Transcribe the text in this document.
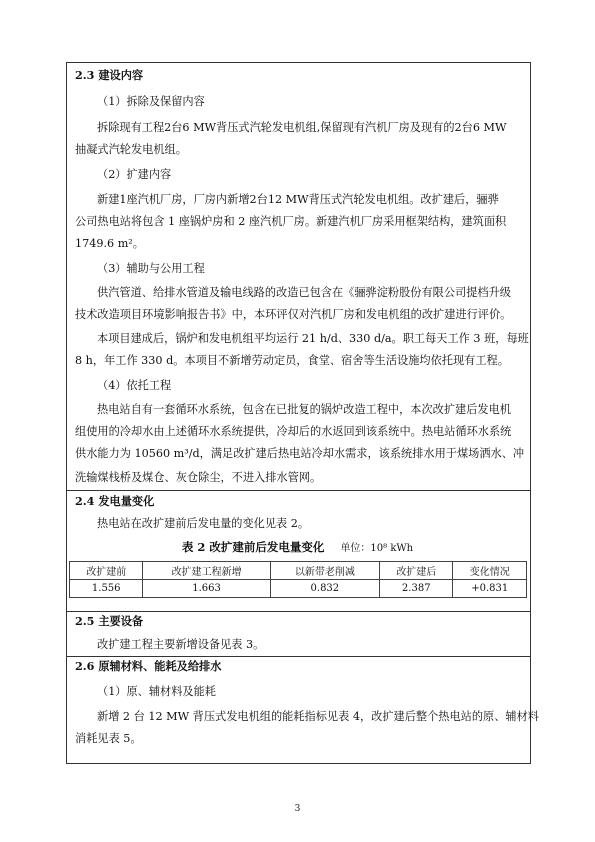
2.3 建设内容
（1）拆除及保留内容
拆除现有工程2台6 MW背压式汽轮发电机组,保留现有汽机厂房及现有的2台6 MW
抽凝式汽轮发电机组。
（2）扩建内容
新建1座汽机厂房，厂房内新增2台12 MW背压式汽轮发电机组。改扩建后，骊骅
公司热电站将包含 1 座锅炉房和 2 座汽机厂房。新建汽机厂房采用框架结构，建筑面积
1749.6 m²。
（3）辅助与公用工程
供汽管道、给排水管道及输电线路的改造已包含在《骊骅淀粉股份有限公司提档升级
技术改造项目环境影响报告书》中，本环评仅对汽机厂房和发电机组的改扩建进行评价。
本项目建成后，锅炉和发电机组平均运行 21 h/d、330 d/a。职工每天工作 3 班，每班
8 h，年工作 330 d。本项目不新增劳动定员，食堂、宿舍等生活设施均依托现有工程。
（4）依托工程
热电站自有一套循环水系统，包含在已批复的锅炉改造工程中，本次改扩建后发电机
组使用的冷却水由上述循环水系统提供，冷却后的水返回到该系统中。热电站循环水系统
供水能力为 10560 m³/d，满足改扩建后热电站冷却水需求，该系统排水用于煤场洒水、冲
洗输煤栈桥及煤仓、灰仓除尘，不进入排水管网。
2.4 发电量变化
热电站在改扩建前后发电量的变化见表 2。
表 2 改扩建前后发电量变化 单位：10⁸ kWh
改扩建前	改扩建工程新增	以新带老削减	改扩建后	变化情况
1.556	1.663	0.832	2.387	+0.831
2.5 主要设备
改扩建工程主要新增设备见表 3。
2.6 原辅材料、能耗及给排水
（1）原、辅材料及能耗
新增 2 台 12 MW 背压式发电机组的能耗指标见表 4，改扩建后整个热电站的原、辅材料
消耗见表 5。
3
